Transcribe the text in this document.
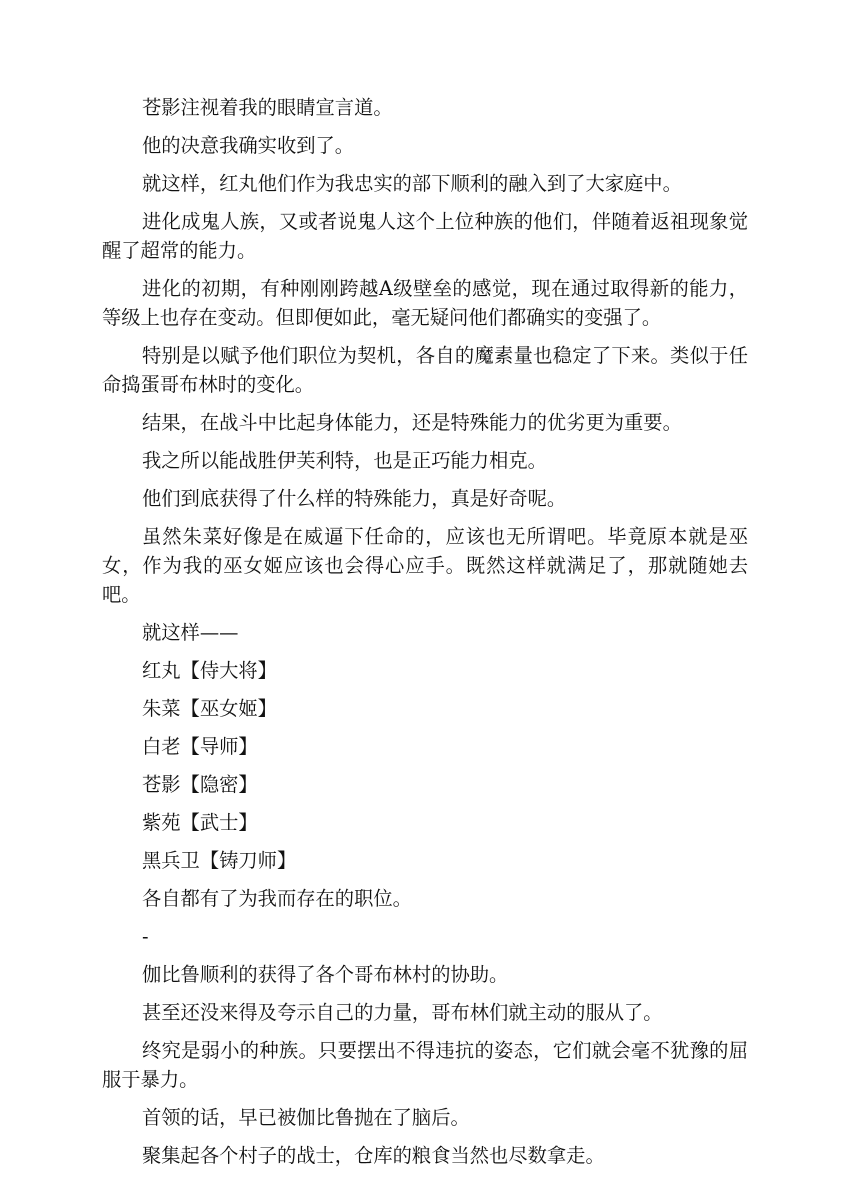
苍影注视着我的眼睛宣言道。

他的决意我确实收到了。

就这样，红丸他们作为我忠实的部下顺利的融入到了大家庭中。

进化成鬼人族，又或者说鬼人这个上位种族的他们，伴随着返祖现象觉醒了超常的能力。

进化的初期，有种刚刚跨越A级壁垒的感觉，现在通过取得新的能力，等级上也存在变动。但即便如此，毫无疑问他们都确实的变强了。

特别是以赋予他们职位为契机，各自的魔素量也稳定了下来。类似于任命捣蛋哥布林时的变化。

结果，在战斗中比起身体能力，还是特殊能力的优劣更为重要。

我之所以能战胜伊芙利特，也是正巧能力相克。

他们到底获得了什么样的特殊能力，真是好奇呢。

虽然朱菜好像是在威逼下任命的，应该也无所谓吧。毕竟原本就是巫女，作为我的巫女姬应该也会得心应手。既然这样就满足了，那就随她去吧。

就这样——

红丸【侍大将】

朱菜【巫女姬】

白老【导师】

苍影【隐密】

紫苑【武士】

黑兵卫【铸刀师】

各自都有了为我而存在的职位。

-

伽比鲁顺利的获得了各个哥布林村的协助。

甚至还没来得及夸示自己的力量，哥布林们就主动的服从了。

终究是弱小的种族。只要摆出不得违抗的姿态，它们就会毫不犹豫的屈服于暴力。

首领的话，早已被伽比鲁抛在了脑后。

聚集起各个村子的战士，仓库的粮食当然也尽数拿走。
